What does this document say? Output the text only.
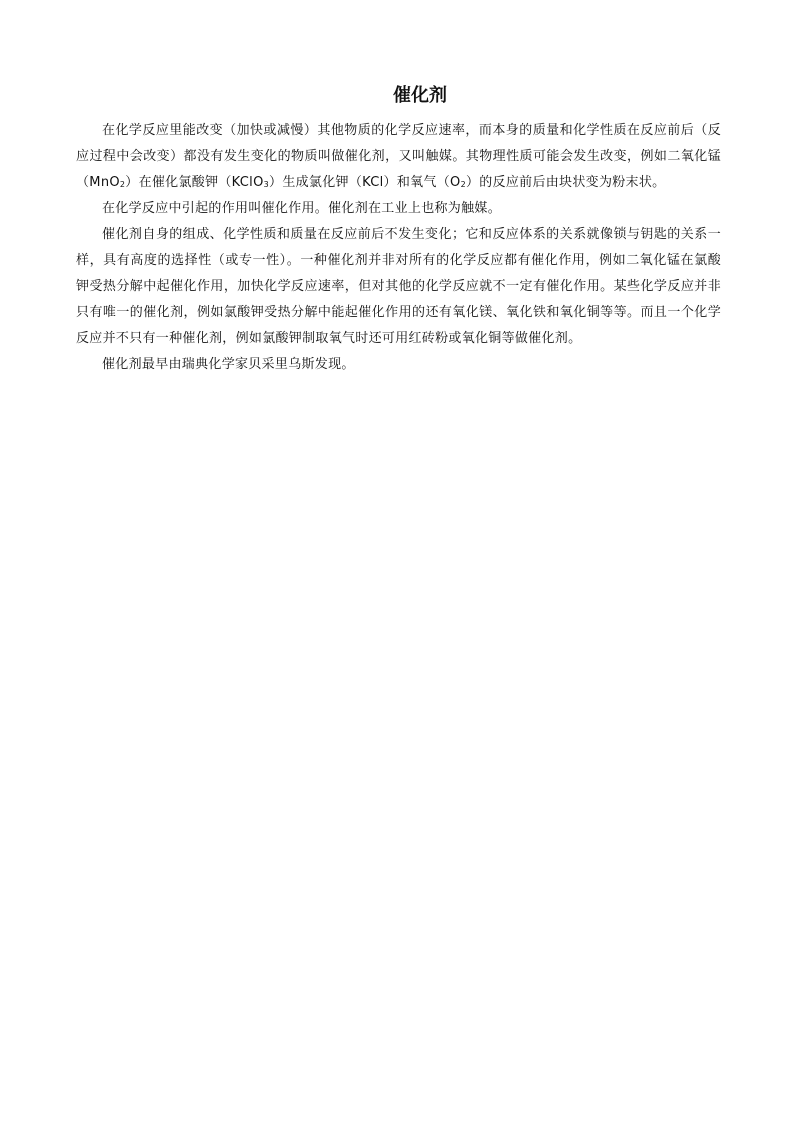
催化剂

在化学反应里能改变（加快或减慢）其他物质的化学反应速率，而本身的质量和化学性质在反应前后（反应过程中会改变）都没有发生变化的物质叫做催化剂，又叫触媒。其物理性质可能会发生改变，例如二氧化锰（MnO$_2$）在催化氯酸钾（KClO$_3$）生成氯化钾（KCl）和氧气$(O_2)$的反应前后由块状变为粉末状。

在化学反应中引起的作用叫催化作用。催化剂在工业上也称为触媒。

催化剂自身的组成、化学性质和质量在反应前后不发生变化；它和反应体系的关系就像锁与钥匙的关系一样，具有高度的选择性（或专一性）。一种催化剂并非对所有的化学反应都有催化作用，例如二氧化锰在氯酸钾受热分解中起催化作用，加快化学反应速率，但对其他的化学反应就不一定有催化作用。某些化学反应并非只有唯一的催化剂，例如氯酸钾受热分解中能起催化作用的还有氧化镁、氧化铁和氧化铜等等。而且一个化学反应并不只有一种催化剂，例如氯酸钾制取氧气时还可用红砖粉或氧化铜等做催化剂。

催化剂最早由瑞典化学家贝采里乌斯发现。
